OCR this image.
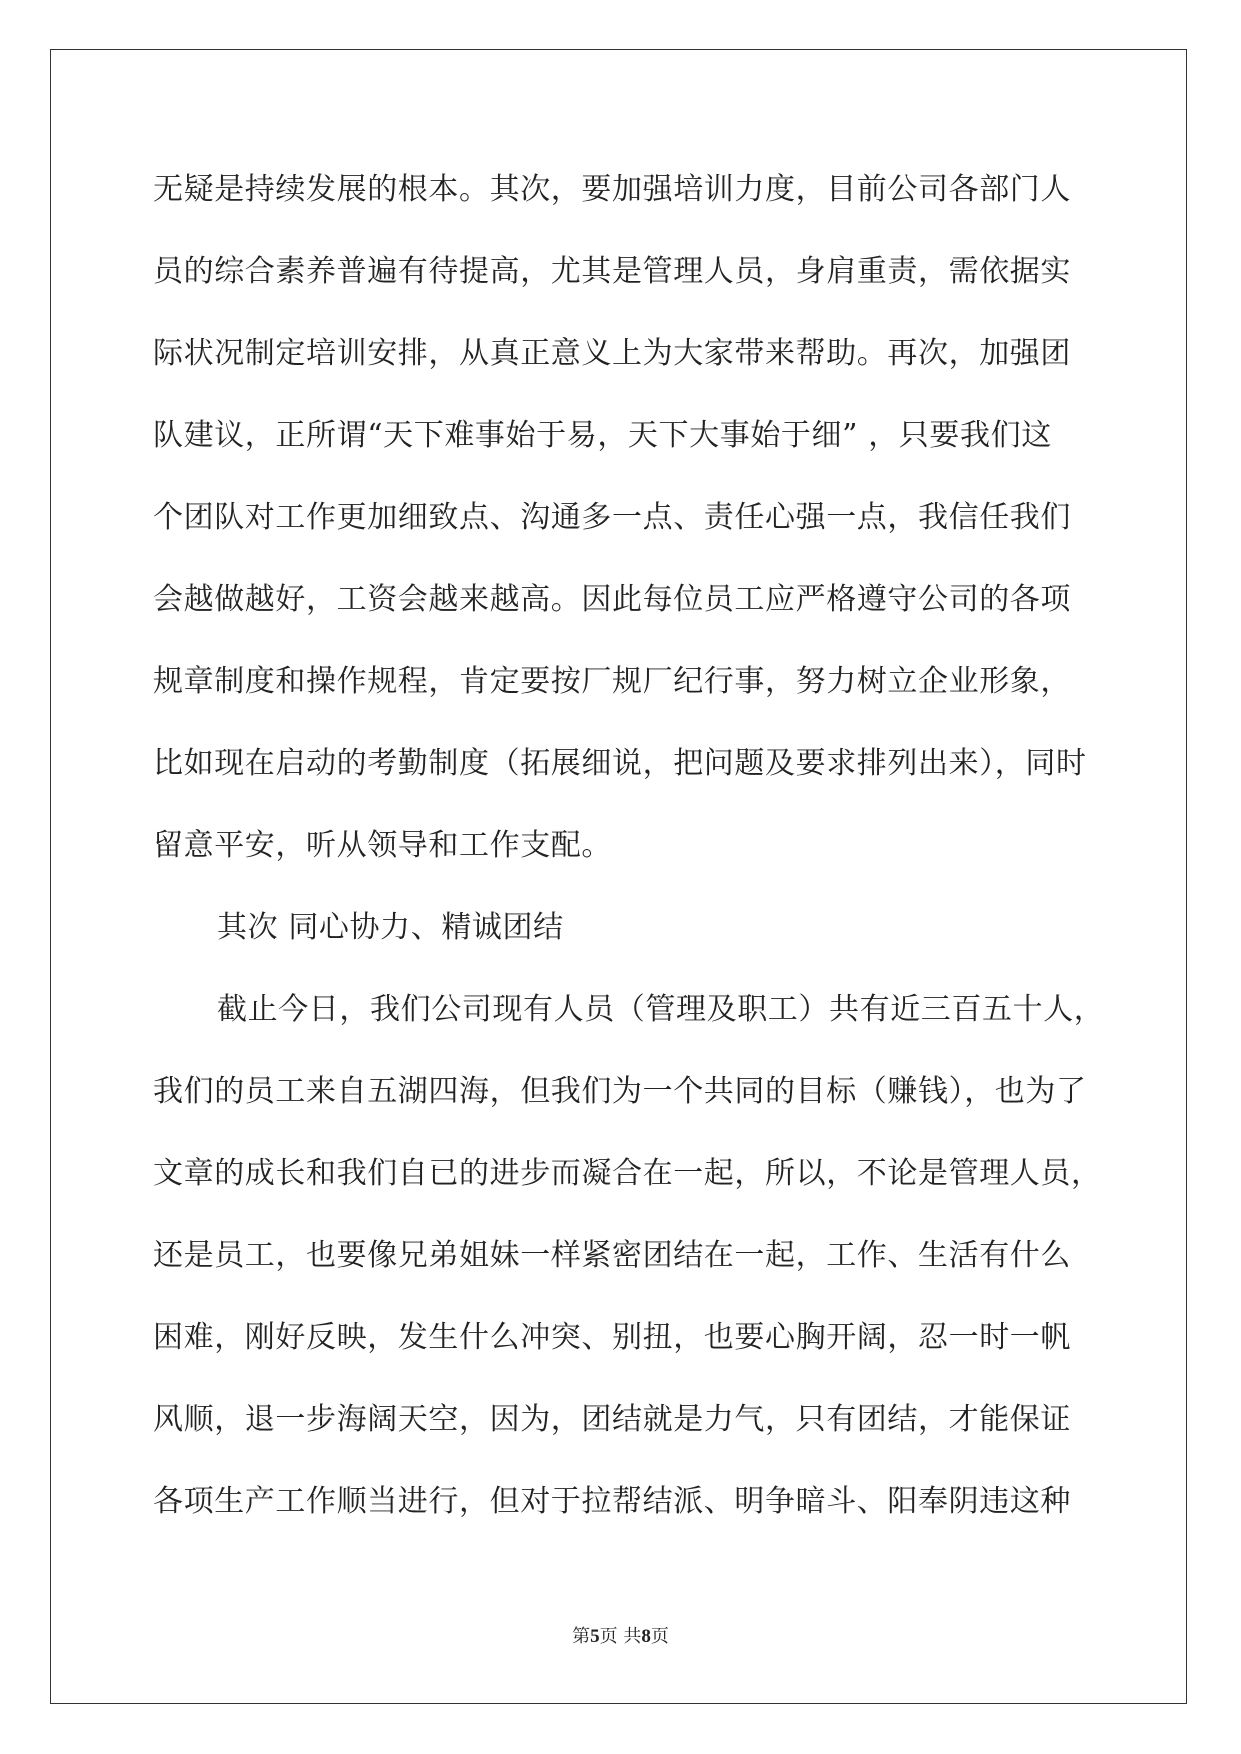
无疑是持续发展的根本。其次，要加强培训力度，目前公司各部门人
员的综合素养普遍有待提高，尤其是管理人员，身肩重责，需依据实
际状况制定培训安排，从真正意义上为大家带来帮助。再次，加强团
队建议，正所谓“天下难事始于易，天下大事始于细” ，只要我们这
个团队对工作更加细致点、沟通多一点、责任心强一点，我信任我们
会越做越好，工资会越来越高。因此每位员工应严格遵守公司的各项
规章制度和操作规程，肯定要按厂规厂纪行事，努力树立企业形象，
比如现在启动的考勤制度（拓展细说，把问题及要求排列出来），同时
留意平安，听从领导和工作支配。
其次 同心协力、精诚团结
截止今日，我们公司现有人员（管理及职工）共有近三百五十人，
我们的员工来自五湖四海，但我们为一个共同的目标（赚钱），也为了
文章的成长和我们自已的进步而凝合在一起，所以，不论是管理人员，
还是员工，也要像兄弟姐妹一样紧密团结在一起，工作、生活有什么
困难，刚好反映，发生什么冲突、别扭，也要心胸开阔，忍一时一帆
风顺，退一步海阔天空，因为，团结就是力气，只有团结，才能保证
各项生产工作顺当进行，但对于拉帮结派、明争暗斗、阳奉阴违这种
第5页 共8页
